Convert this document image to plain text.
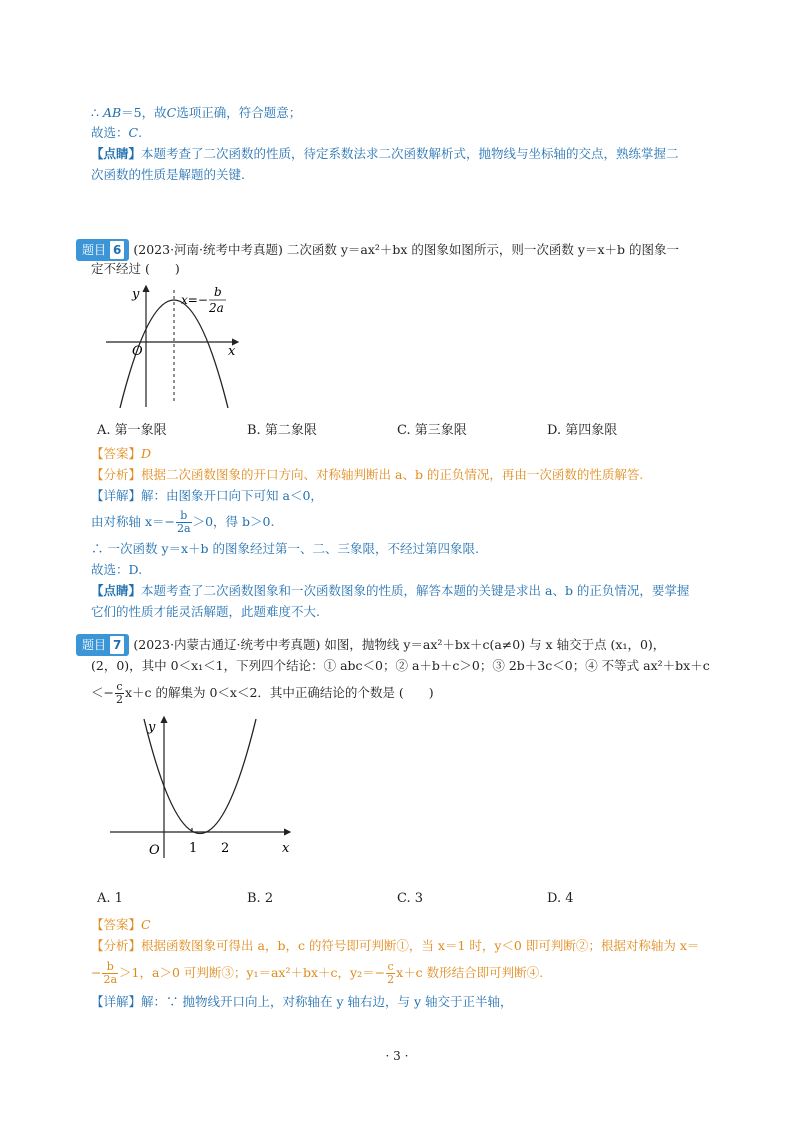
∴ AB＝5，故C选项正确，符合题意；
故选：C.
【点睛】本题考查了二次函数的性质，待定系数法求二次函数解析式，抛物线与坐标轴的交点，熟练掌握二
次函数的性质是解题的关键.
题目 6 (2023·河南·统考中考真题) 二次函数 y＝ax²＋bx 的图象如图所示，则一次函数 y＝x＋b 的图象一
定不经过 (　　)
y
x
O
x=−
b
2a
A. 第一象限	B. 第二象限	C. 第三象限	D. 第四象限
【答案】D
【分析】根据二次函数图象的开口方向、对称轴判断出 a、b 的正负情况，再由一次函数的性质解答.
【详解】解：由图象开口向下可知 a＜0，
由对称轴 $x=- \frac{b}{2a} >0$，得 b＞0.
∴ 一次函数 y＝x＋b 的图象经过第一、二、三象限，不经过第四象限.
故选：D.
【点睛】本题考查了二次函数图象和一次函数图象的性质，解答本题的关键是求出 a、b 的正负情况，要掌握
它们的性质才能灵活解题，此题难度不大.
题目 7 (2023·内蒙古通辽·统考中考真题) 如图，抛物线 y＝ax²＋bx＋c(a≠0) 与 x 轴交于点 (x₁，0)，
(2，0)，其中 0＜x₁＜1，下列四个结论：① abc＜0；② a＋b＋c＞0；③ 2b＋3c＜0；④ 不等式 ax²＋bx＋c
＜− $\frac{c}{2} x+c$ 的解集为 0＜x＜2．其中正确结论的个数是 (　　)
y
x
O 1 2
A. 1	B. 2	C. 3	D. 4
【答案】C
【分析】根据函数图象可得出 a，b，c 的符号即可判断①，当 x＝1 时，y＜0 即可判断②；根据对称轴为 x＝
− $\frac{b}{2a} >1$，a＞0 可判断③；y₁＝ax²＋bx＋c，$y_2=- \frac{c}{2} x+c$ 数形结合即可判断④.
【详解】解：∵ 抛物线开口向上，对称轴在 y 轴右边，与 y 轴交于正半轴，
· 3 ·
